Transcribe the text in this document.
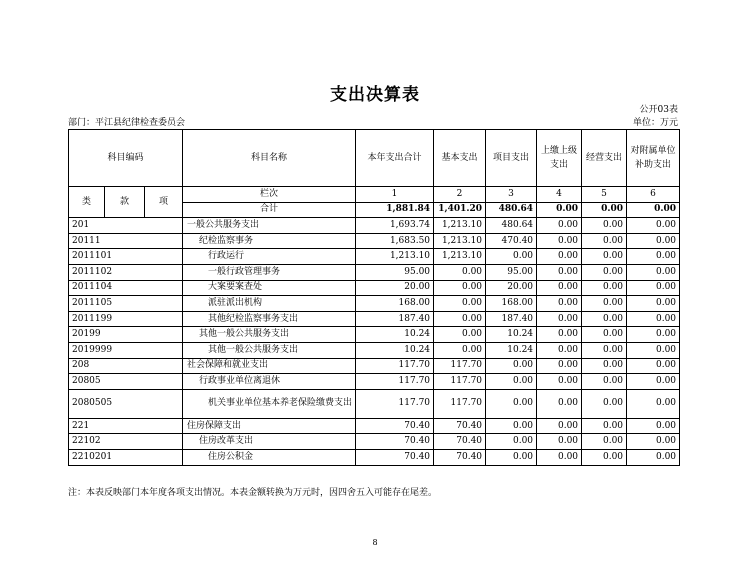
支出决算表
公开03表
部门：平江县纪律检查委员会	单位：万元
科目编码			科目名称	本年支出合计	基本支出	项目支出	上缴上级支出	经营支出	对附属单位补助支出
类	款	项	栏次	1	2	3	4	5	6
			合计	1,881.84	1,401.20	480.64	0.00	0.00	0.00
201			一般公共服务支出	1,693.74	1,213.10	480.64	0.00	0.00	0.00
20111			纪检监察事务	1,683.50	1,213.10	470.40	0.00	0.00	0.00
2011101			行政运行	1,213.10	1,213.10	0.00	0.00	0.00	0.00
2011102			一般行政管理事务	95.00	0.00	95.00	0.00	0.00	0.00
2011104			大案要案查处	20.00	0.00	20.00	0.00	0.00	0.00
2011105			派驻派出机构	168.00	0.00	168.00	0.00	0.00	0.00
2011199			其他纪检监察事务支出	187.40	0.00	187.40	0.00	0.00	0.00
20199			其他一般公共服务支出	10.24	0.00	10.24	0.00	0.00	0.00
2019999			其他一般公共服务支出	10.24	0.00	10.24	0.00	0.00	0.00
208			社会保障和就业支出	117.70	117.70	0.00	0.00	0.00	0.00
20805			行政事业单位离退休	117.70	117.70	0.00	0.00	0.00	0.00
2080505			机关事业单位基本养老保险缴费支出	117.70	117.70	0.00	0.00	0.00	0.00
221			住房保障支出	70.40	70.40	0.00	0.00	0.00	0.00
22102			住房改革支出	70.40	70.40	0.00	0.00	0.00	0.00
2210201			住房公积金	70.40	70.40	0.00	0.00	0.00	0.00
注：本表反映部门本年度各项支出情况。本表金额转换为万元时，因四舍五入可能存在尾差。
8
